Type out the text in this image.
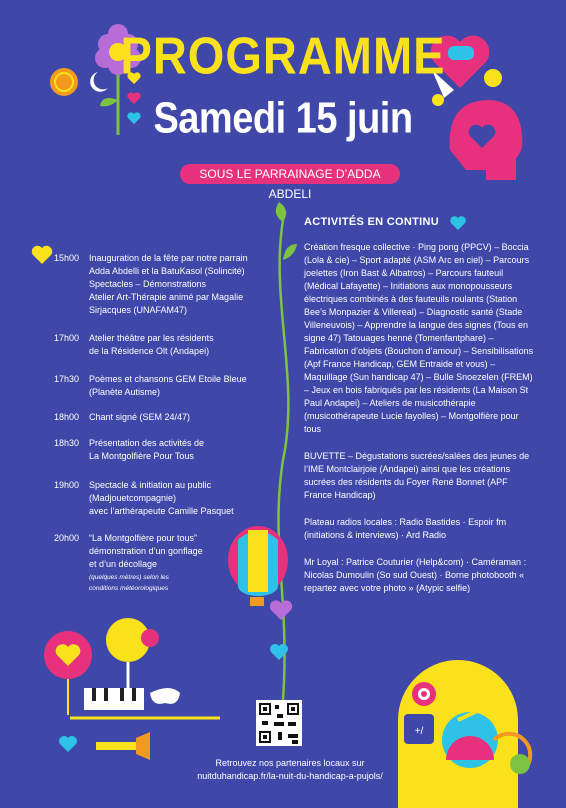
+/
PROGRAMME
Samedi 15 juin
SOUS LE PARRAINAGE D’ADDA ABDELI
15h00	Inauguration de la fête par notre parrain
Adda Abdelli et la BatuKasol (Solincité)
Spectacles – Démonstrations
Atelier Art-Thérapie animé par Magalie
Sirjacques (UNAFAM47)
17h00	Atelier théâtre par les résidents
de la Résidence Olt (Andapei)
17h30	Poèmes et chansons GEM Etoile Bleue
(Planète Autisme)
18h00	Chant signé (SEM 24/47)
18h30	Présentation des activités de
La Montgolfière Pour Tous
19h00	Spectacle & initiation au public
(Madjouetcompagnie)
avec l’arthérapeute Camille Pasquet
20h00	“La Montgolfière pour tous”
démonstration d’un gonflage
et d’un décollage
(quelques mètres) selon les
conditions météorologiques
ACTIVITÉS EN CONTINU

Création fresque collective · Ping pong (PPCV) – Boccia (Lola & cie) – Sport adapté (ASM Arc en ciel) – Parcours joelettes (Iron Bast & Albatros) – Parcours fauteuil (Médical Lafayette) – Initiations aux monopousseurs électriques combinés à des fauteuils roulants (Station Bee’s Monpazier & Villereal) – Diagnostic santé (Stade Villeneuvois) – Apprendre la langue des signes (Tous en signe 47) Tatouages henné (Tomenfantphare) – Fabrication d’objets (Bouchon d’amour) – Sensibilisations (Apf France Handicap, GEM Entraide et vous) – Maquillage (Sun handicap 47) – Bulle Snoezelen (FREM) – Jeux en bois fabriqués par les résidents (La Maison St Paul Andapei) – Ateliers de musicothérapie (musicothérapeute Lucie fayolles) – Montgolfière pour tous

BUVETTE – Dégustations sucrées/salées des jeunes de l’IME Montclairjoie (Andapei) ainsi que les créations sucrées des résidents du Foyer René Bonnet (APF France Handicap)

Plateau radios locales : Radio Bastides · Espoir fm (initiations & interviews) · Ard Radio

Mr Loyal : Patrice Couturier (Help&com) · Caméraman : Nicolas Dumoulin (So sud Ouest) · Borne photobooth « repartez avec votre photo » (Atypic selfie)

Retrouvez nos partenaires locaux sur
nuitduhandicap.fr/la-nuit-du-handicap-a-pujols/
